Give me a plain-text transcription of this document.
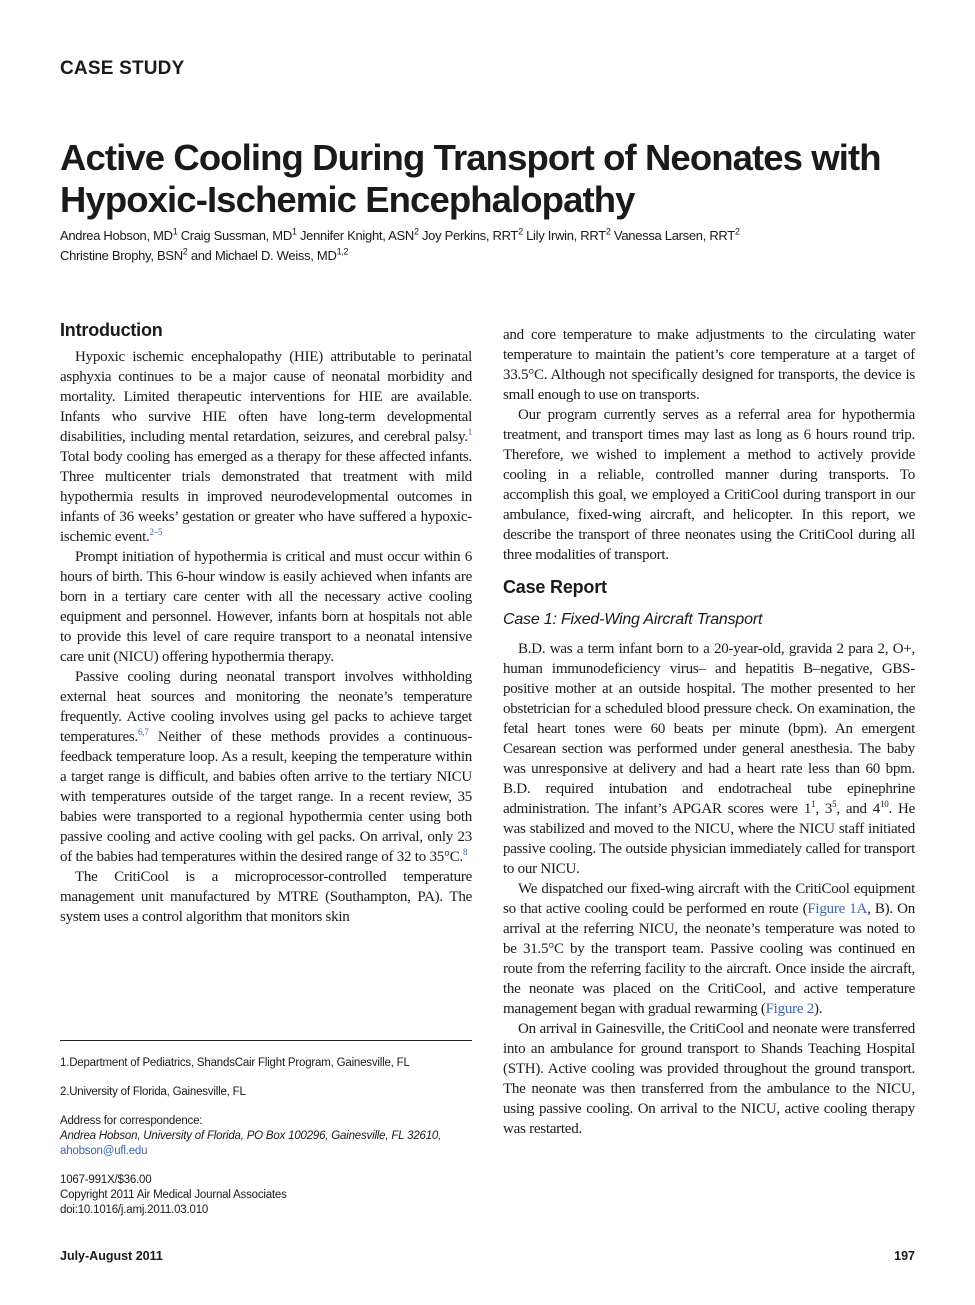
CASE STUDY
Active Cooling During Transport of Neonates with Hypoxic-Ischemic Encephalopathy
Andrea Hobson, $MD^1$ Craig Sussman, $MD^1$ Jennifer Knight, ASN$^2$ Joy Perkins, RRT$^2$ Lily Irwin, RRT$^2$ Vanessa Larsen, RRT$^2$
Christine Brophy, BSN$^2$ and Michael D. Weiss, MD$^{1,2}$
Introduction

Hypoxic ischemic encephalopathy (HIE) attributable to perinatal asphyxia continues to be a major cause of neonatal morbidity and mortality. Limited therapeutic interventions for HIE are available. Infants who survive HIE often have long-term developmental disabilities, including mental retardation, seizures, and cerebral palsy.$^1$ Total body cooling has emerged as a therapy for these affected infants. Three multicenter trials demonstrated that treatment with mild hypothermia results in improved neurodevelopmental outcomes in infants of 36 weeks’ gestation or greater who have suffered a hypoxic-ischemic event.$^{2-5}$

Prompt initiation of hypothermia is critical and must occur within 6 hours of birth. This 6-hour window is easily achieved when infants are born in a tertiary care center with all the necessary active cooling equipment and personnel. However, infants born at hospitals not able to provide this level of care require transport to a neonatal intensive care unit (NICU) offering hypothermia therapy.

Passive cooling during neonatal transport involves withholding external heat sources and monitoring the neonate’s temperature frequently. Active cooling involves using gel packs to achieve target temperatures.$^{6,7}$ Neither of these methods provides a continuous-feedback temperature loop. As a result, keeping the temperature within a target range is difficult, and babies often arrive to the tertiary NICU with temperatures outside of the target range. In a recent review, 35 babies were transported to a regional hypothermia center using both passive cooling and active cooling with gel packs. On arrival, only 23 of the babies had temperatures within the desired range of 32 to 35°C.$^8$

The CritiCool is a microprocessor-controlled temperature management unit manufactured by MTRE (Southampton, PA). The system uses a control algorithm that monitors skin

and core temperature to make adjustments to the circulating water temperature to maintain the patient’s core temperature at a target of 33.5°C. Although not specifically designed for transports, the device is small enough to use on transports.

Our program currently serves as a referral area for hypothermia treatment, and transport times may last as long as 6 hours round trip. Therefore, we wished to implement a method to actively provide cooling in a reliable, controlled manner during transports. To accomplish this goal, we employed a CritiCool during transport in our ambulance, fixed-wing aircraft, and helicopter. In this report, we describe the transport of three neonates using the CritiCool during all three modalities of transport.

Case Report
Case 1: Fixed-Wing Aircraft Transport

B.D. was a term infant born to a 20-year-old, gravida 2 para 2, O+, human immunodeficiency virus– and hepatitis B–negative, GBS-positive mother at an outside hospital. The mother presented to her obstetrician for a scheduled blood pressure check. On examination, the fetal heart tones were 60 beats per minute (bpm). An emergent Cesarean section was performed under general anesthesia. The baby was unresponsive at delivery and had a heart rate less than 60 bpm. B.D. required intubation and endotracheal tube epinephrine administration. The infant’s APGAR scores were $1^1$, $3^5$, and $4^{10}$. He was stabilized and moved to the NICU, where the NICU staff initiated passive cooling. The outside physician immediately called for transport to our NICU.

We dispatched our fixed-wing aircraft with the CritiCool equipment so that active cooling could be performed en route (Figure 1A, B). On arrival at the referring NICU, the neonate’s temperature was noted to be 31.5°C by the transport team. Passive cooling was continued en route from the referring facility to the aircraft. Once inside the aircraft, the neonate was placed on the CritiCool, and active temperature management began with gradual rewarming (Figure 2).

On arrival in Gainesville, the CritiCool and neonate were transferred into an ambulance for ground transport to Shands Teaching Hospital (STH). Active cooling was provided throughout the ground transport. The neonate was then transferred from the ambulance to the NICU, using passive cooling. On arrival to the NICU, active cooling therapy was restarted.

1.Department of Pediatrics, ShandsCair Flight Program, Gainesville, FL
2.University of Florida, Gainesville, FL
Address for correspondence:
Andrea Hobson, University of Florida, PO Box 100296, Gainesville, FL 32610,
ahobson@ufl.edu
1067-991X/$36.00
Copyright 2011 Air Medical Journal Associates
doi:10.1016/j.amj.2011.03.010
July-August 2011	197
